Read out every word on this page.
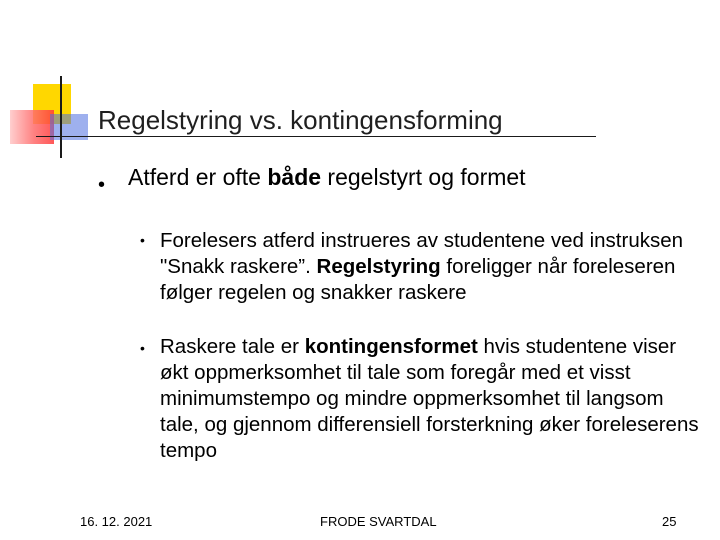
Regelstyring vs. kontingensforming
• Atferd er ofte både regelstyrt og formet
• Forelesers atferd instrueres av studentene ved instruksen "Snakk raskere”. Regelstyring foreligger når foreleseren følger regelen og snakker raskere
• Raskere tale er kontingensformet hvis studentene viser økt oppmerksomhet til tale som foregår med et visst minimumstempo og mindre oppmerksomhet til langsom tale, og gjennom differensiell forsterkning øker foreleserens tempo
16. 12. 2021	FRODE SVARTDAL	25
